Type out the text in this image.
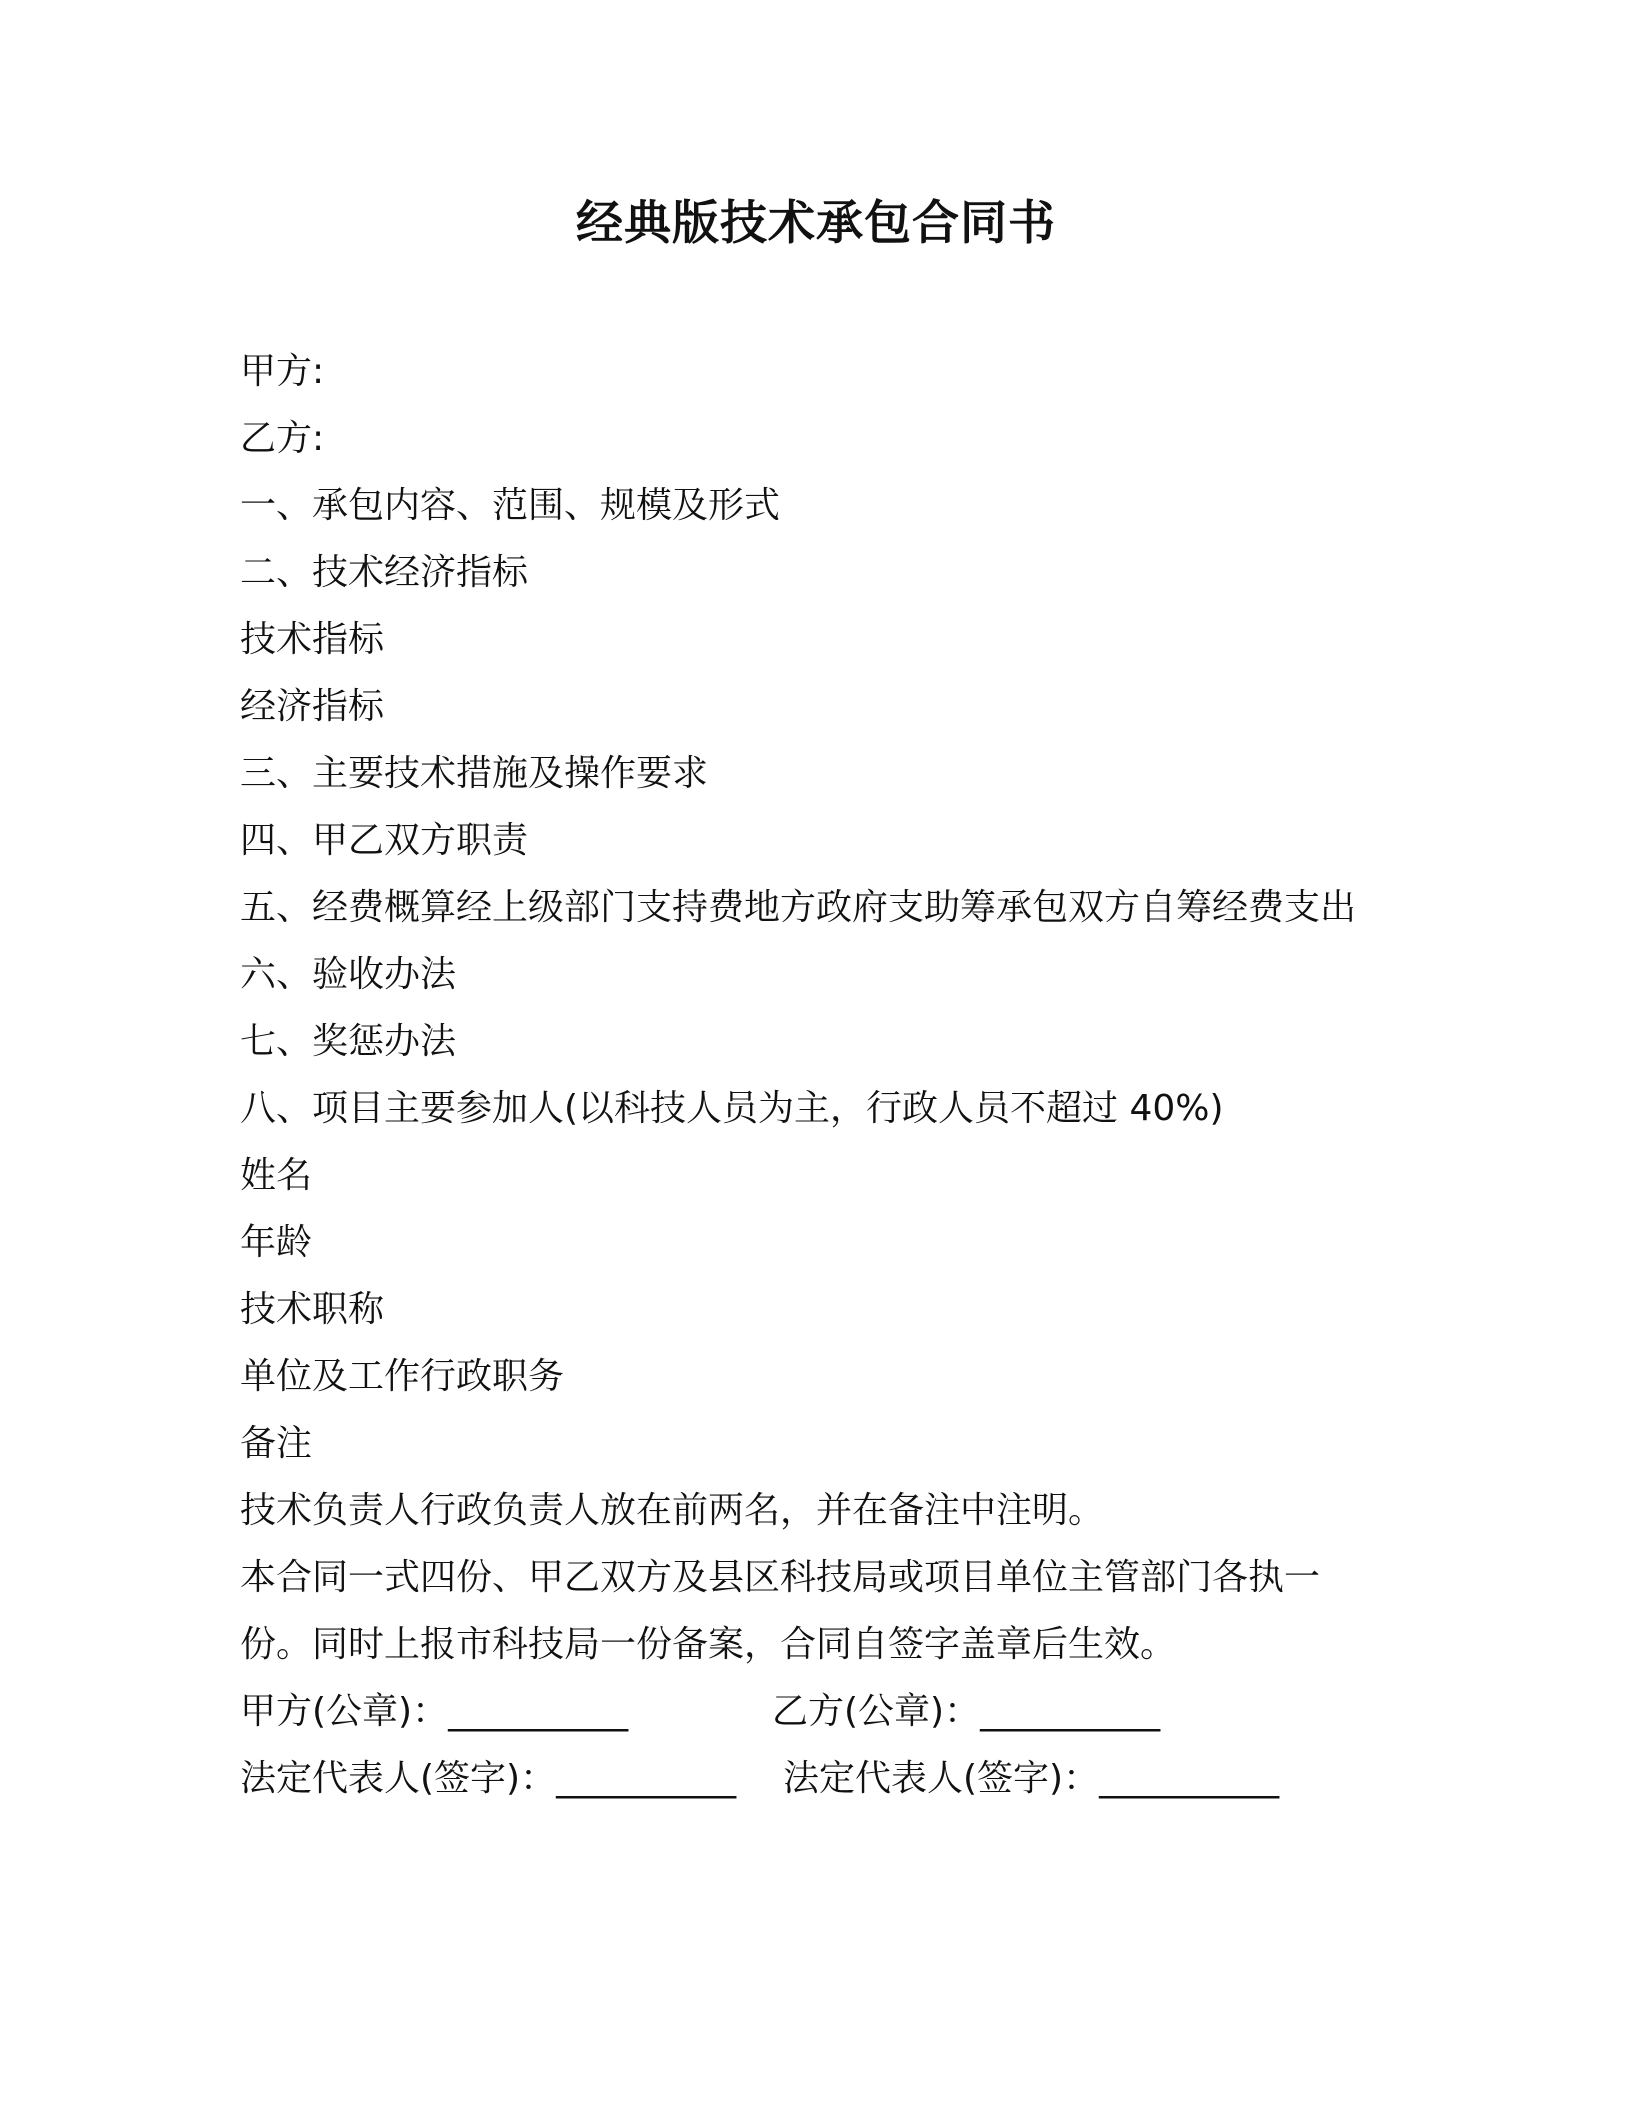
经典版技术承包合同书
甲方:
乙方:
一、承包内容、范围、规模及形式
二、技术经济指标
技术指标
经济指标
三、主要技术措施及操作要求
四、甲乙双方职责
五、经费概算经上级部门支持费地方政府支助筹承包双方自筹经费支出
六、验收办法
七、奖惩办法
八、项目主要参加人(以科技人员为主，行政人员不超过 40%)
姓名
年龄
技术职称
单位及工作行政职务
备注
技术负责人行政负责人放在前两名，并在备注中注明。
本合同一式四份、甲乙双方及县区科技局或项目单位主管部门各执一份。同时上报市科技局一份备案，合同自签字盖章后生效。
甲方(公章)：__________	乙方(公章)：__________
法定代表人(签字)：__________ 法定代表人(签字)：__________
